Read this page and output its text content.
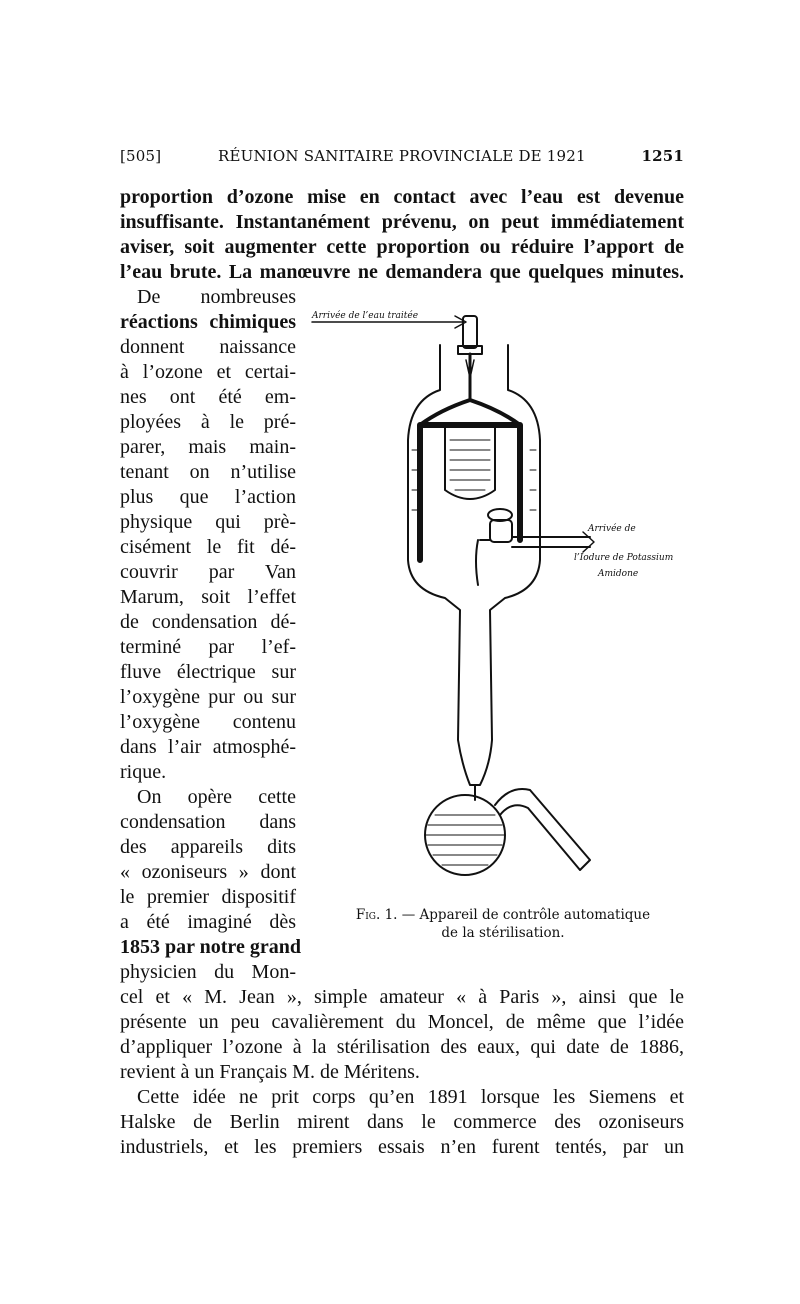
[505]	RÉUNION SANITAIRE PROVINCIALE DE 1921	1251

proportion d’ozone mise en contact avec l’eau est devenue

insuffisante. Instantanément prévenu, on peut immédiatement

aviser, soit augmenter cette proportion ou réduire l’apport de

l’eau brute. La manœuvre ne demandera que quelques minutes.

De nombreuses

réactions chimiques

donnent naissance

à l’ozone et certai-

nes ont été em-

ployées à le pré-

parer, mais main-

tenant on n’utilise

plus que l’action

physique qui prè-

cisément le fit dé-

couvrir par Van

Marum, soit l’effet

de condensation dé-

terminé par l’ef-

fluve électrique sur

l’oxygène pur ou sur

l’oxygène contenu

dans l’air atmosphé-

rique.

On opère cette

condensation dans

des appareils dits

« ozoniseurs » dont

le premier dispositif

a été imaginé dès

1853 par notre grand

physicien du Mon-

cel et « M. Jean », simple amateur « à Paris », ainsi que le

présente un peu cavalièrement du Moncel, de même que l’idée

d’appliquer l’ozone à la stérilisation des eaux, qui date de 1886,

revient à un Français M. de Méritens.

Cette idée ne prit corps qu’en 1891 lorsque les Siemens et

Halske de Berlin mirent dans le commerce des ozoniseurs

industriels, et les premiers essais n’en furent tentés, par un

Arrivée de l’eau traitée
Arrivée de
l’Iodure de Potassium
Amidone
Fig. 1. — Appareil de contrôle automatique
de la stérilisation.
